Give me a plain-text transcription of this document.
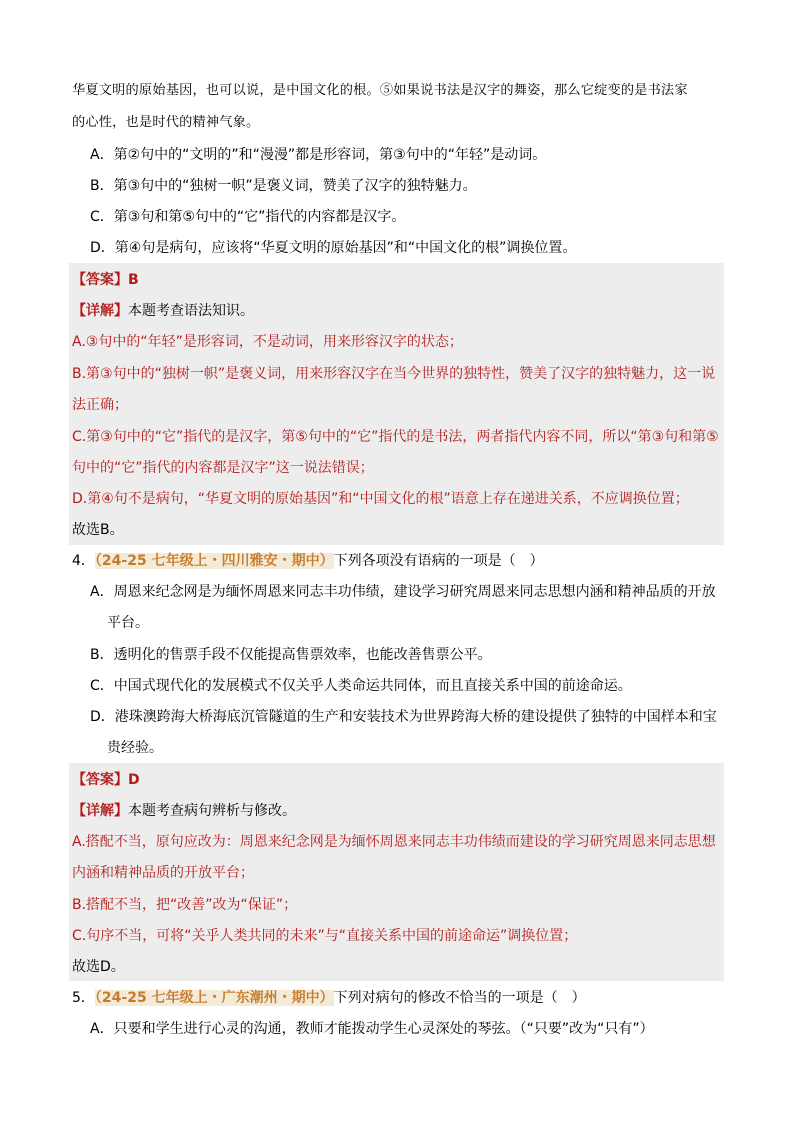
华夏文明的原始基因，也可以说，是中国文化的根。⑤如果说书法是汉字的舞姿，那么它绽变的是书法家
的心性，也是时代的精神气象。
A．第②句中的“文明的”和“漫漫”都是形容词，第③句中的“年轻”是动词。
B．第③句中的“独树一帜”是褒义词，赞美了汉字的独特魅力。
C．第③句和第⑤句中的“它”指代的内容都是汉字。
D．第④句是病句，应该将“华夏文明的原始基因”和“中国文化的根”调换位置。
【答案】B
【详解】本题考查语法知识。
A.③句中的“年轻”是形容词，不是动词，用来形容汉字的状态；
B.第③句中的“独树一帜”是褒义词，用来形容汉字在当今世界的独特性，赞美了汉字的独特魅力，这一说
法正确；
C.第③句中的“它”指代的是汉字，第⑤句中的“它”指代的是书法，两者指代内容不同，所以“第③句和第⑤
句中的“它”指代的内容都是汉字”这一说法错误；
D.第④句不是病句，“华夏文明的原始基因”和“中国文化的根”语意上存在递进关系，不应调换位置；
故选B。
4．（24-25 七年级上・四川雅安・期中）下列各项没有语病的一项是（　）
A．周恩来纪念网是为缅怀周恩来同志丰功伟绩，建设学习研究周恩来同志思想内涵和精神品质的开放
平台。
B．透明化的售票手段不仅能提高售票效率，也能改善售票公平。
C．中国式现代化的发展模式不仅关乎人类命运共同体，而且直接关系中国的前途命运。
D．港珠澳跨海大桥海底沉管隧道的生产和安装技术为世界跨海大桥的建设提供了独特的中国样本和宝
贵经验。
【答案】D
【详解】本题考查病句辨析与修改。
A.搭配不当，原句应改为：周恩来纪念网是为缅怀周恩来同志丰功伟绩而建设的学习研究周恩来同志思想
内涵和精神品质的开放平台；
B.搭配不当，把“改善”改为“保证”；
C.句序不当，可将“关乎人类共同的未来”与“直接关系中国的前途命运”调换位置；
故选D。
5．（24-25 七年级上・广东潮州・期中）下列对病句的修改不恰当的一项是（　）
A．只要和学生进行心灵的沟通，教师才能拨动学生心灵深处的琴弦。（“只要”改为“只有”）
